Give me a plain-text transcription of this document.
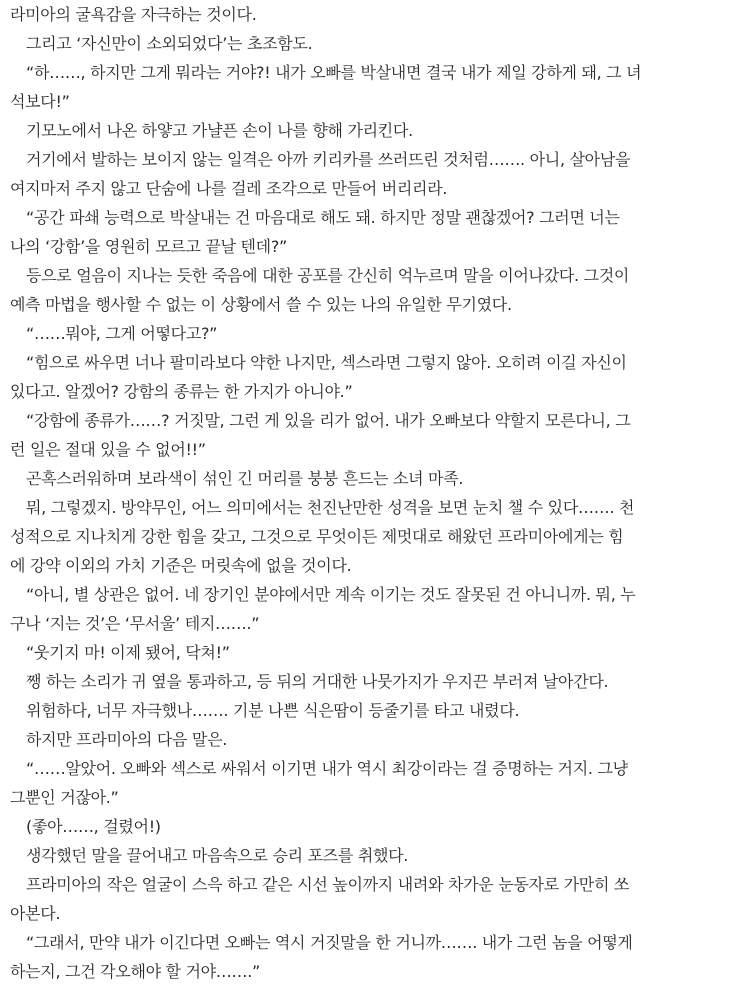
라미아의 굴욕감을 자극하는 것이다.
그리고 ‘자신만이 소외되었다’는 초조함도.
“하……, 하지만 그게 뭐라는 거야?! 내가 오빠를 박살내면 결국 내가 제일 강하게 돼, 그 녀
석보다!”
기모노에서 나온 하얗고 가냘픈 손이 나를 향해 가리킨다.
거기에서 발하는 보이지 않는 일격은 아까 키리카를 쓰러뜨린 것처럼……. 아니, 살아남을
여지마저 주지 않고 단숨에 나를 걸레 조각으로 만들어 버리리라.
“공간 파쇄 능력으로 박살내는 건 마음대로 해도 돼. 하지만 정말 괜찮겠어? 그러면 너는
나의 ‘강함’을 영원히 모르고 끝날 텐데?”
등으로 얼음이 지나는 듯한 죽음에 대한 공포를 간신히 억누르며 말을 이어나갔다. 그것이
예측 마법을 행사할 수 없는 이 상황에서 쓸 수 있는 나의 유일한 무기였다.
“……뭐야, 그게 어떻다고?”
“힘으로 싸우면 너나 팔미라보다 약한 나지만, 섹스라면 그렇지 않아. 오히려 이길 자신이
있다고. 알겠어? 강함의 종류는 한 가지가 아니야.”
“강함에 종류가……? 거짓말, 그런 게 있을 리가 없어. 내가 오빠보다 약할지 모른다니, 그
런 일은 절대 있을 수 없어!!”
곤혹스러워하며 보라색이 섞인 긴 머리를 붕붕 흔드는 소녀 마족.
뭐, 그렇겠지. 방약무인, 어느 의미에서는 천진난만한 성격을 보면 눈치 챌 수 있다……. 천
성적으로 지나치게 강한 힘을 갖고, 그것으로 무엇이든 제멋대로 해왔던 프라미아에게는 힘
에 강약 이외의 가치 기준은 머릿속에 없을 것이다.
“아니, 별 상관은 없어. 네 장기인 분야에서만 계속 이기는 것도 잘못된 건 아니니까. 뭐, 누
구나 ‘지는 것’은 ‘무서울’ 테지…….”
“웃기지 마! 이제 됐어, 닥쳐!”
쨍 하는 소리가 귀 옆을 통과하고, 등 뒤의 거대한 나뭇가지가 우지끈 부러져 날아간다.
위험하다, 너무 자극했나……. 기분 나쁜 식은땀이 등줄기를 타고 내렸다.
하지만 프라미아의 다음 말은.
“……알았어. 오빠와 섹스로 싸워서 이기면 내가 역시 최강이라는 걸 증명하는 거지. 그냥
그뿐인 거잖아.”
(좋아……, 걸렸어!)
생각했던 말을 끌어내고 마음속으로 승리 포즈를 취했다.
프라미아의 작은 얼굴이 스윽 하고 같은 시선 높이까지 내려와 차가운 눈동자로 가만히 쏘
아본다.
“그래서, 만약 내가 이긴다면 오빠는 역시 거짓말을 한 거니까……. 내가 그런 놈을 어떻게
하는지, 그건 각오해야 할 거야…….”
